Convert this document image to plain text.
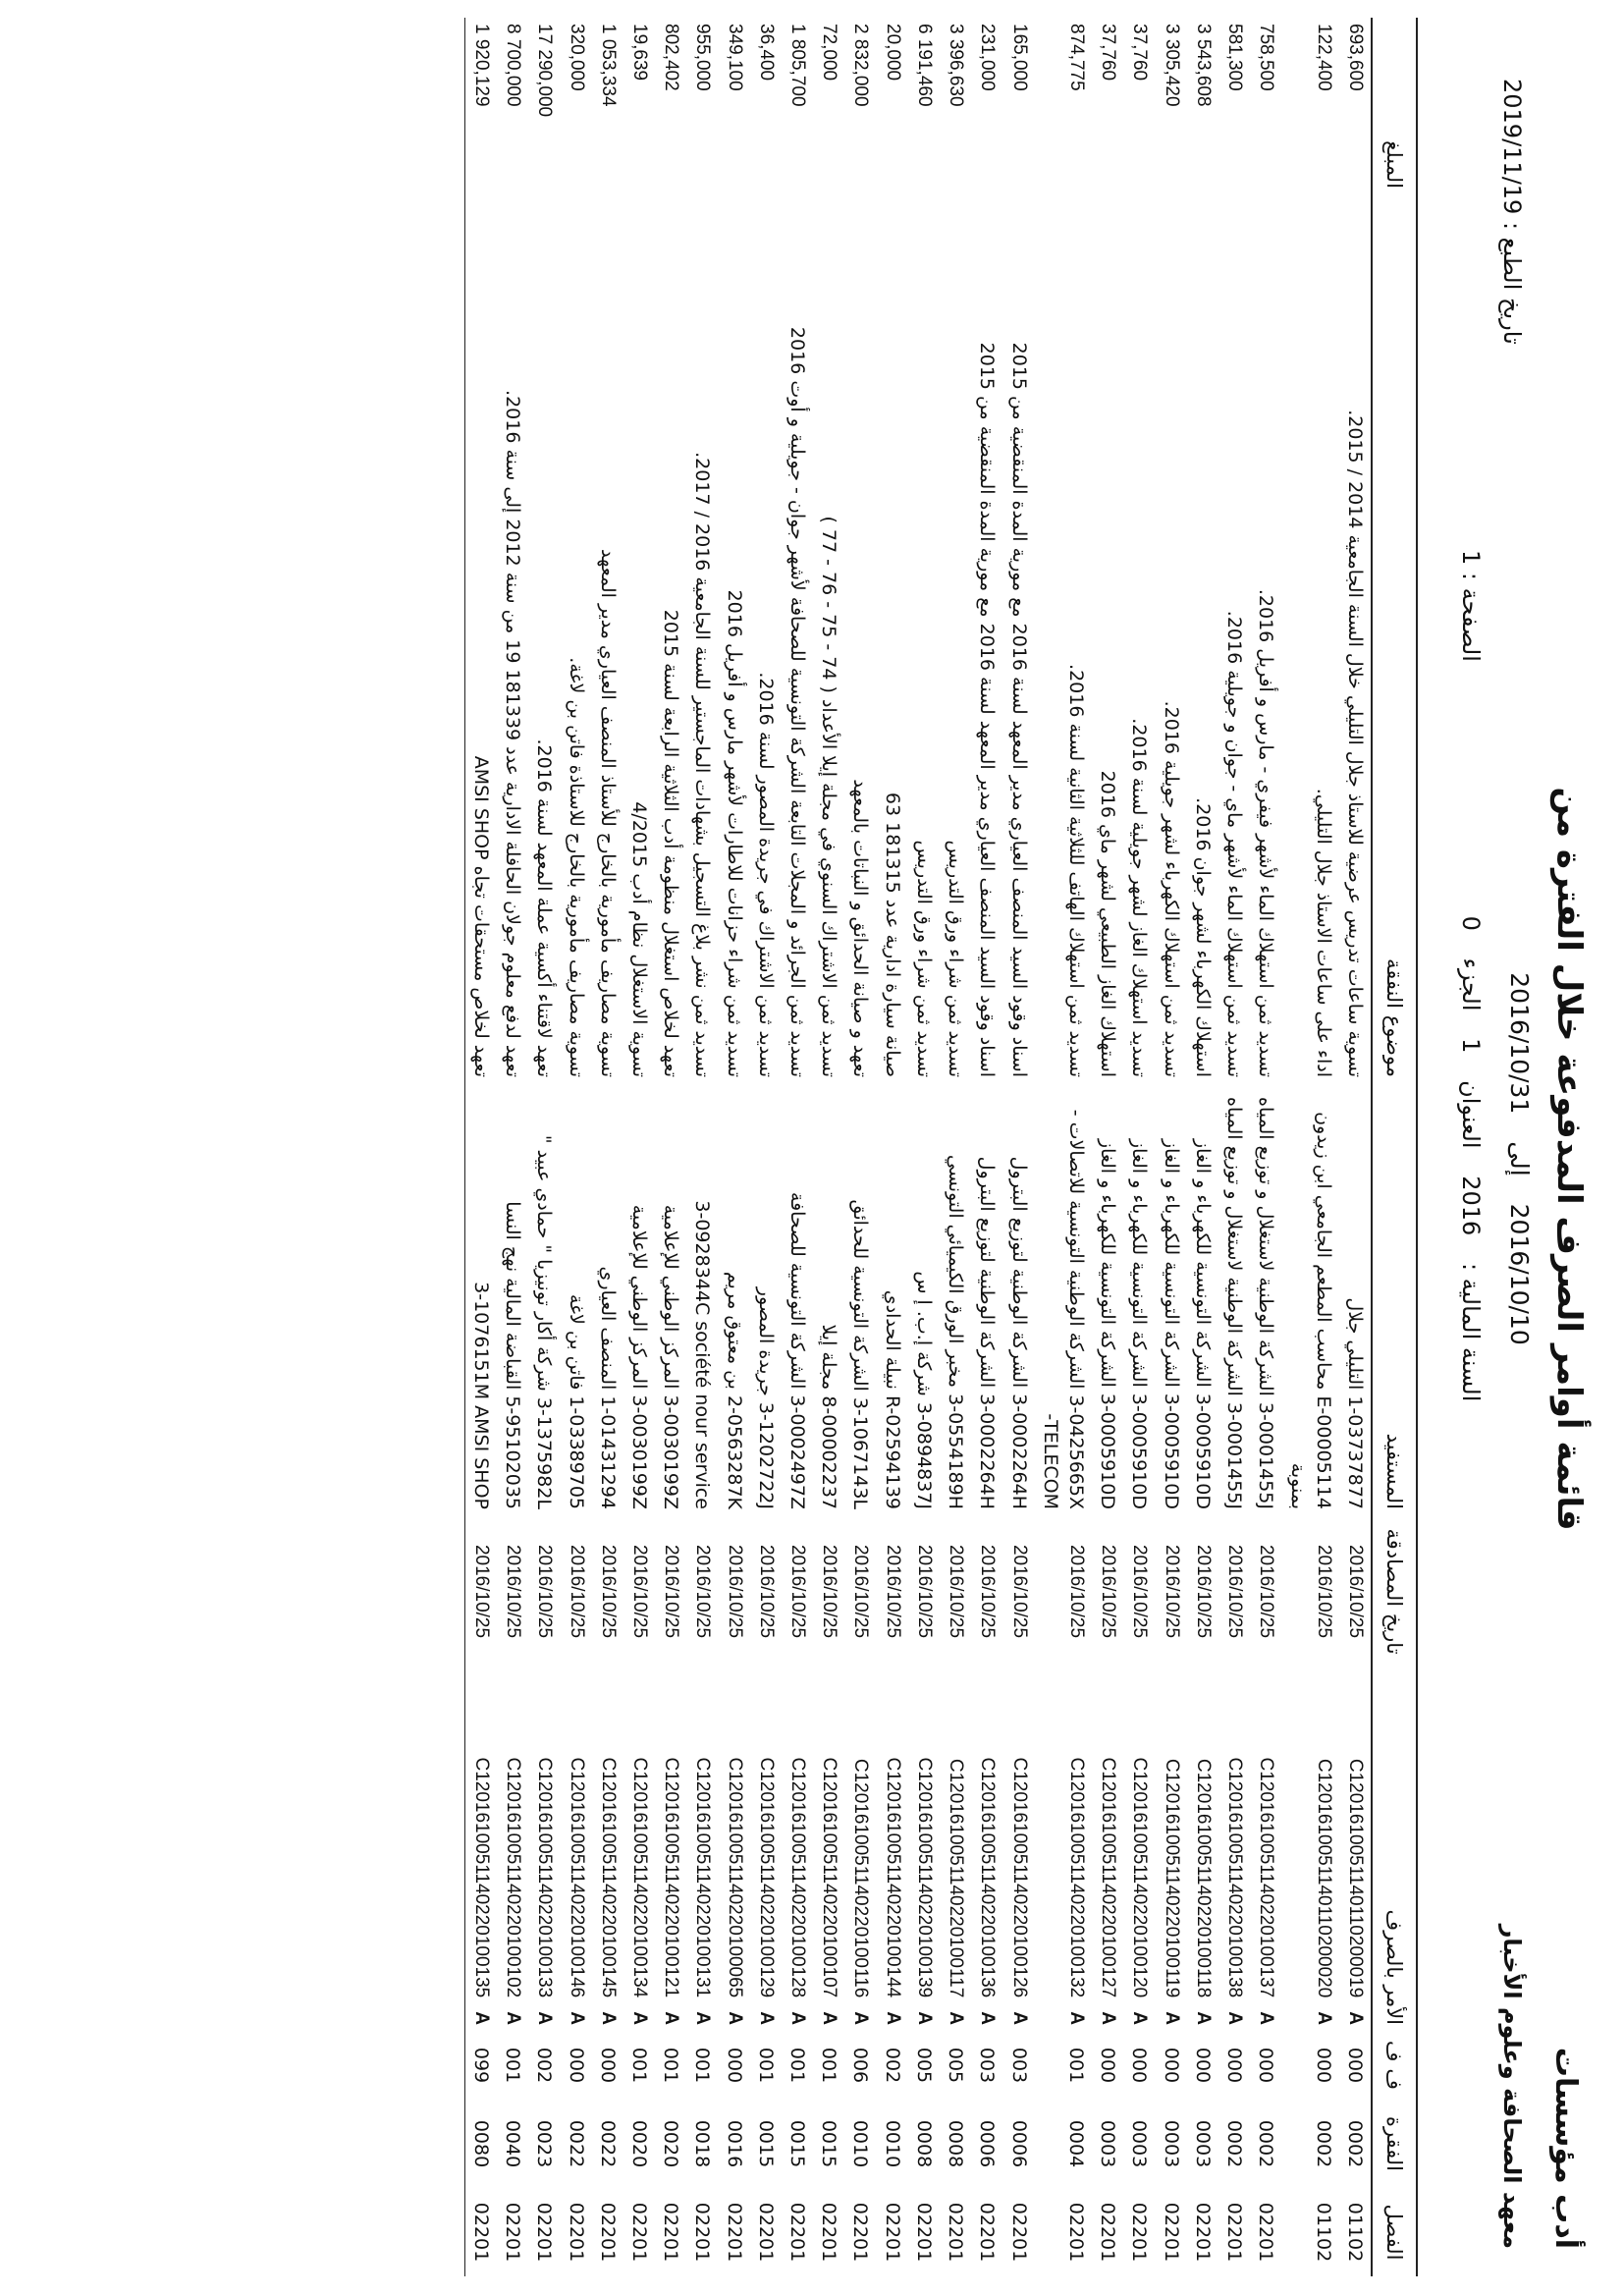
أدب مؤسسات
معهد الصحافة وعلوم الأخبار
قائمة أوامر الصرف المدفوعة خلال الفترة من
2016/10/10 إلى 2016/10/31
السنة المالية : 2016 العنوان 1 الجزء 0
الصفحة : 1
تاريخ الطبع : 2019/11/19
الفصل	الفقرة	ف ف	الأمر بالصرف	تاريخ المصادقة	المستفيد	موضوع النفقة	المبلغ
01102	0002	000	C1201610051140110200019A	2016/10/25	1-03737877 التليلي جلال	تسوية ساعات تدريس عرضية للاستاذ جلال التليلي خلال السنة الجامعية 2014 / 2015.	693,600
01102	0002	000	C1201610051140110200020A	2016/10/25	E-00005114 محاسب المطعم الجامعي ابن زيدون بمنوبة	اداء على ساعات الاستاذ جلال التليلي.	122,400
02201	0002	000	C1201610051140220100137A	2016/10/25	3-0001455J الشركة الوطنية لاستغلال و توزيع المياه	تسديد ثمن استهلاك الماء لأشهر فيفري - مارس و أفريل 2016.	758,500
02201	0002	000	C1201610051140220100138A	2016/10/25	3-0001455J الشركة الوطنية لاستغلال و توزيع المياه	تسديد ثمن استهلاك الماء لأشهر ماي - جوان و جويلية 2016.	581,300
02201	0003	000	C1201610051140220100118A	2016/10/25	3-0005910D الشركة التونسية للكهرباء و الغاز	استهلاك الكهرباء لشهر جوان 2016.	3 543,608
02201	0003	000	C1201610051140220100119A	2016/10/25	3-0005910D الشركة التونسية للكهرباء و الغاز	تسديد ثمن استهلاك الكهرباء لشهر جويلية 2016.	3 305,420
02201	0003	000	C1201610051140220100120A	2016/10/25	3-0005910D الشركة التونسية للكهرباء و الغاز	تسديد استهلاك الغاز لشهر جويلية لسنة 2016.	37,760
02201	0003	000	C1201610051140220100127A	2016/10/25	3-0005910D الشركة التونسية للكهرباء و الغاز	استهلاك الغاز الطبيعي لشهر ماي 2016	37,760
02201	0004	001	C1201610051140220100132A	2016/10/25	3-0425665X الشركة الوطنية التونسية للاتصالات - TELECOM-	تسديد ثمن استهلاك الهاتف للثلاثية الثانية لسنة 2016.	874,775
02201	0006	003	C1201610051140220100126A	2016/10/25	3-0002264H الشركة الوطنية لتوزيع البترول	اسناد وقود السيد المنصف العياري مدير المعهد لسنة 2016 مع مورية المدة المنقضية من 2015	165,000
02201	0006	003	C1201610051140220100136A	2016/10/25	3-0002264H الشركة الوطنية لتوزيع البترول	اسناد وقود السيد المنصف العياري مدير المعهد لسنة 2016 مع مورية المدة المنقضية من 2015	231,000
02201	0008	005	C1201610051140220100117A	2016/10/25	3-0554189H مخبر الورق الكيميائي التونسي	تسديد ثمن شراء ورق التدريس	3 396,630
02201	0008	005	C1201610051140220100139A	2016/10/25	3-0894837J شركة إ.ب. إ س	تسديد ثمن شراء ورق التدريس	6 191,460
02201	0010	002	C1201610051140220100144A	2016/10/25	R-02594139 نبيلة الحدادي	صيانة سيارة ادارية عدد 181315 63	20,000
02201	0010	006	C1201610051140220100116A	2016/10/25	3-1067143L الشركة التونسية للحدائق	تعهد و صيانة الحدائق و النباتات بالمعهد	2 832,000
02201	0015	001	C1201610051140220100107A	2016/10/25	8-00002237 مجلة إيلا	تسديد ثمن الاشتراك السنوي في مجلة إيلا الأعداد ( 74 - 75 - 76 - 77 )	72,000
02201	0015	001	C1201610051140220100128A	2016/10/25	3-0002497Z الشركة التونسية للصحافة	تسديد ثمن الجرائد و المجلات التابعة الشركة التونسية للصحافة لأشهر جوان - جويلية و أوت 2016	1 805,700
02201	0015	001	C1201610051140220100129A	2016/10/25	3-1202722J جريدة المصور	تسديد ثمن الاشتراك في جريدة المصور لسنة 2016.	36,400
02201	0016	000	C1201610051140220100065A	2016/10/25	2-0563287K بن معتوق مريم	تسديد ثمن شراء حزانات للاطارات لأشهر مارس و أفريل 2016	349,100
02201	0018	001	C1201610051140220100131A	2016/10/25	3-0928344C société nour service	تسديد ثمن نشر بلاغ التسجيل بشهادات الماجستير للسنة الجامعية 2016 / 2017.	955,000
02201	0020	001	C1201610051140220100121A	2016/10/25	3-0030199Z المركز الوطني للإعلامية	تعهد لخلاص استغلال منظومة أدب الثلاثية الرابعة لسنة 2015	802,402
02201	0020	001	C1201610051140220100134A	2016/10/25	3-0030199Z المركز الوطني للإعلامية	تسوية الاستغلال نظام أدب 4/2015	19,639
02201	0022	000	C1201610051140220100145A	2016/10/25	1-01431294 المنصف العياري	تسوية مصاريف مأمورية بالخارج للأستاذ المنصف العياري مدير المعهد	1 053,334
02201	0022	000	C1201610051140220100146A	2016/10/25	1-03389705 فاتن بن لاغة	تسوية مصاريف مأمورية بالخارج للاستاذة فاتن بن لاغة.	320,000
02201	0023	002	C1201610051140220100133A	2016/10/25	3-1375982L شركة أكار تونيزيا " حمادي عبيد "	تعهد لاقتناء أكسية عملة المعهد لسنة 2016.	17 290,000
02201	0040	001	C1201610051140220100102A	2016/10/25	5-95102035 القباضة المالية نهج النسا	تعهد لدفع معلوم جولان الحافلة الادارية عدد 181339 19 من سنة 2012 إلى سنة 2016.	8 700,000
02201	0080	099	C1201610051140220100135A	2016/10/25	3-1076151M AMSI SHOP	تعهد لخلاص مستحقات تجاه AMSI SHOP	1 920,129
